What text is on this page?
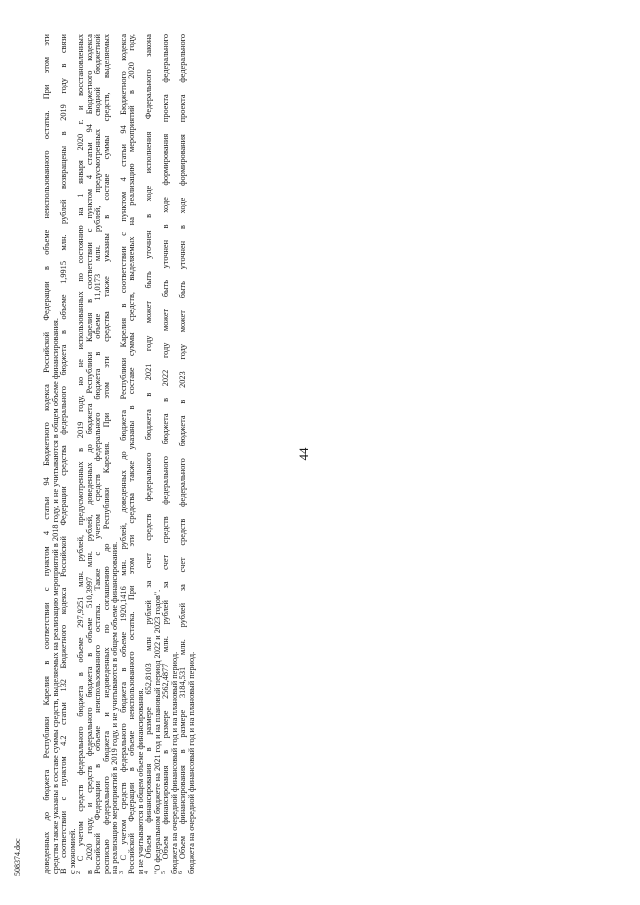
44
доведенных до бюджета Республики Карелия в соответствии с пунктом 4 статьи 94 Бюджетного кодекса Российской Федерации в объеме неиспользованного остатка. При этом эти средства также указаны в составе суммы средств, выделяемых на реализацию мероприятий в 2018 году, и не учитываются в общем объеме финансирования. В соответствии с пунктом 4.2 статьи 132 Бюджетного кодекса Российской Федерации средства федерального бюджета в объеме 1,9915 млн. рублей возвращены в 2019 году в связи с экономией. $^2$ С учетом средств федерального бюджета в объеме 297,9251 млн. рублей, предусмотренных в 2019 году, но не использованных по состоянию на 1 января 2020 г. и восстановленных в 2020 году, и средств федерального бюджета в объеме 510,3997 млн. рублей, доведенных до бюджета Республики Карелия в соответствии с пунктом 4 статьи 94 Бюджетного кодекса Российской Федерации в объеме неиспользованного остатка. Также с учетом средств федерального бюджета в объеме 11,0173 млн. рублей, предусмотренных сводной бюджетной росписью федерального бюджета и недоведенных по соглашению до Республики Карелия. При этом эти средства также указаны в составе суммы средств, выделяемых на реализацию мероприятий в 2019 году, и не учитываются в общем объеме финансирования. $^3$ С учетом средств федерального бюджета в объеме 1920,1416 млн. рублей, доведенных до бюджета Республики Карелия в соответствии с пунктом 4 статьи 94 Бюджетного кодекса Российской Федерации в объеме неиспользованного остатка. При этом эти средства также указаны в составе суммы средств, выделяемых на реализацию мероприятий в 2020 году, и не учитываются в общем объеме финансирования. $^4$ Объем финансирования в размере 652,8103 млн рублей за счет средств федерального бюджета в 2021 году может быть уточнен в ходе исполнения Федерального закона "О федеральном бюджете на 2021 год и на плановый период 2022 и 2023 годов". $^5$ Объем финансирования в размере 2562,4877 млн. рублей за счет средств федерального бюджета в 2022 году может быть уточнен в ходе формирования проекта федерального бюджета на очередной финансовый год и на плановый период. $^6$ Объем финансирования в размере 3184,531 млн. рублей за счет средств федерального бюджета в 2023 году может быть уточнен в ходе формирования проекта федерального бюджета на очередной финансовый год и на плановый период.
508374.doc
